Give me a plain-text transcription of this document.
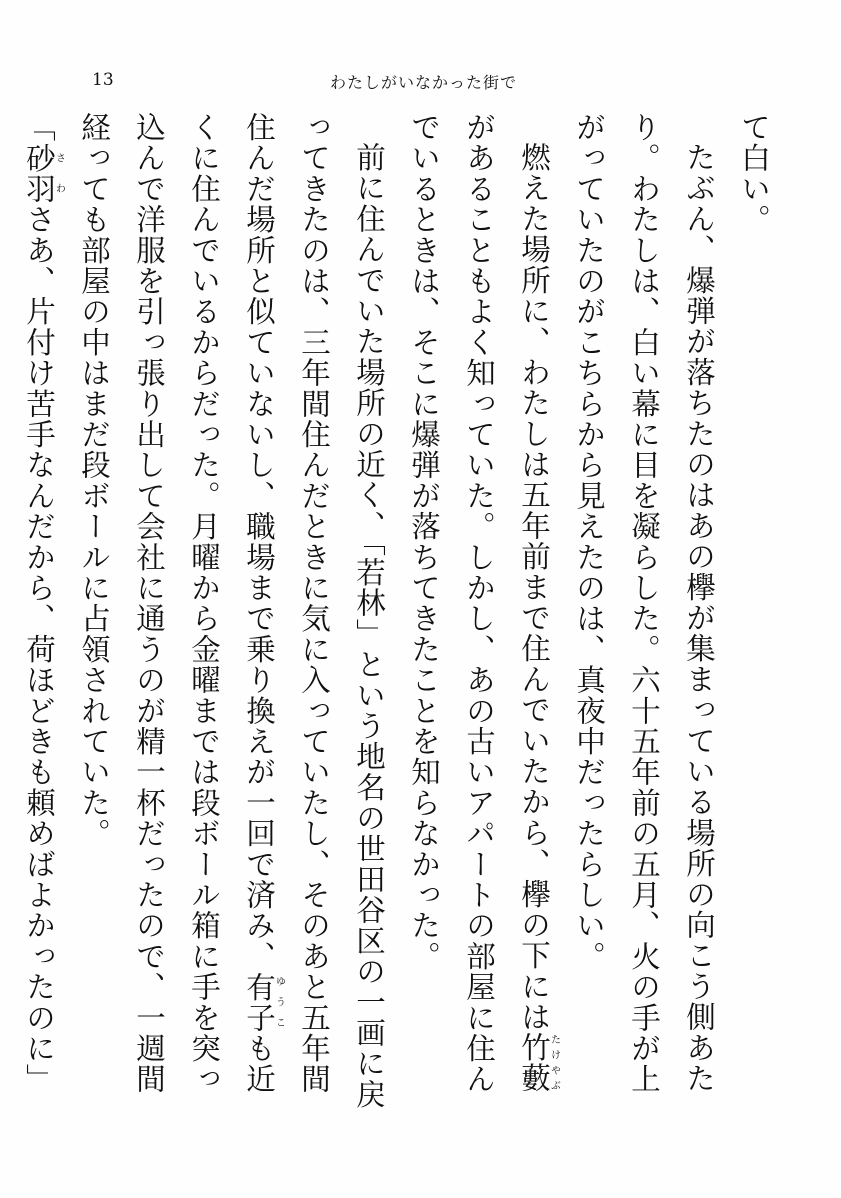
13	わたしがいなかった街で

て白い。

たぶん、爆弾が落ちたのはあの欅が集まっている場所の向こう側あたり。わたしは、白い幕に目を凝らした。六十五年前の五月、火の手が上がっていたのがこちらから見えたのは、真夜中だったらしい。

燃えた場所に、わたしは五年前まで住んでいたから、欅の下には竹藪たけやぶがあることもよく知っていた。しかし、あの古いアパートの部屋に住んでいるときは、そこに爆弾が落ちてきたことを知らなかった。

前に住んでいた場所の近く、「若林」という地名の世田谷区の一画に戻ってきたのは、三年間住んだときに気に入っていたし、そのあと五年間住んだ場所と似ていないし、職場まで乗り換えが一回で済み、有子ゆうこも近くに住んでいるからだった。月曜から金曜までは段ボール箱に手を突っ込んで洋服を引っ張り出して会社に通うのが精一杯だったので、一週間経っても部屋の中はまだ段ボールに占領されていた。

「砂羽さわさあ、片付け苦手なんだから、荷ほどきも頼めばよかったのに」
